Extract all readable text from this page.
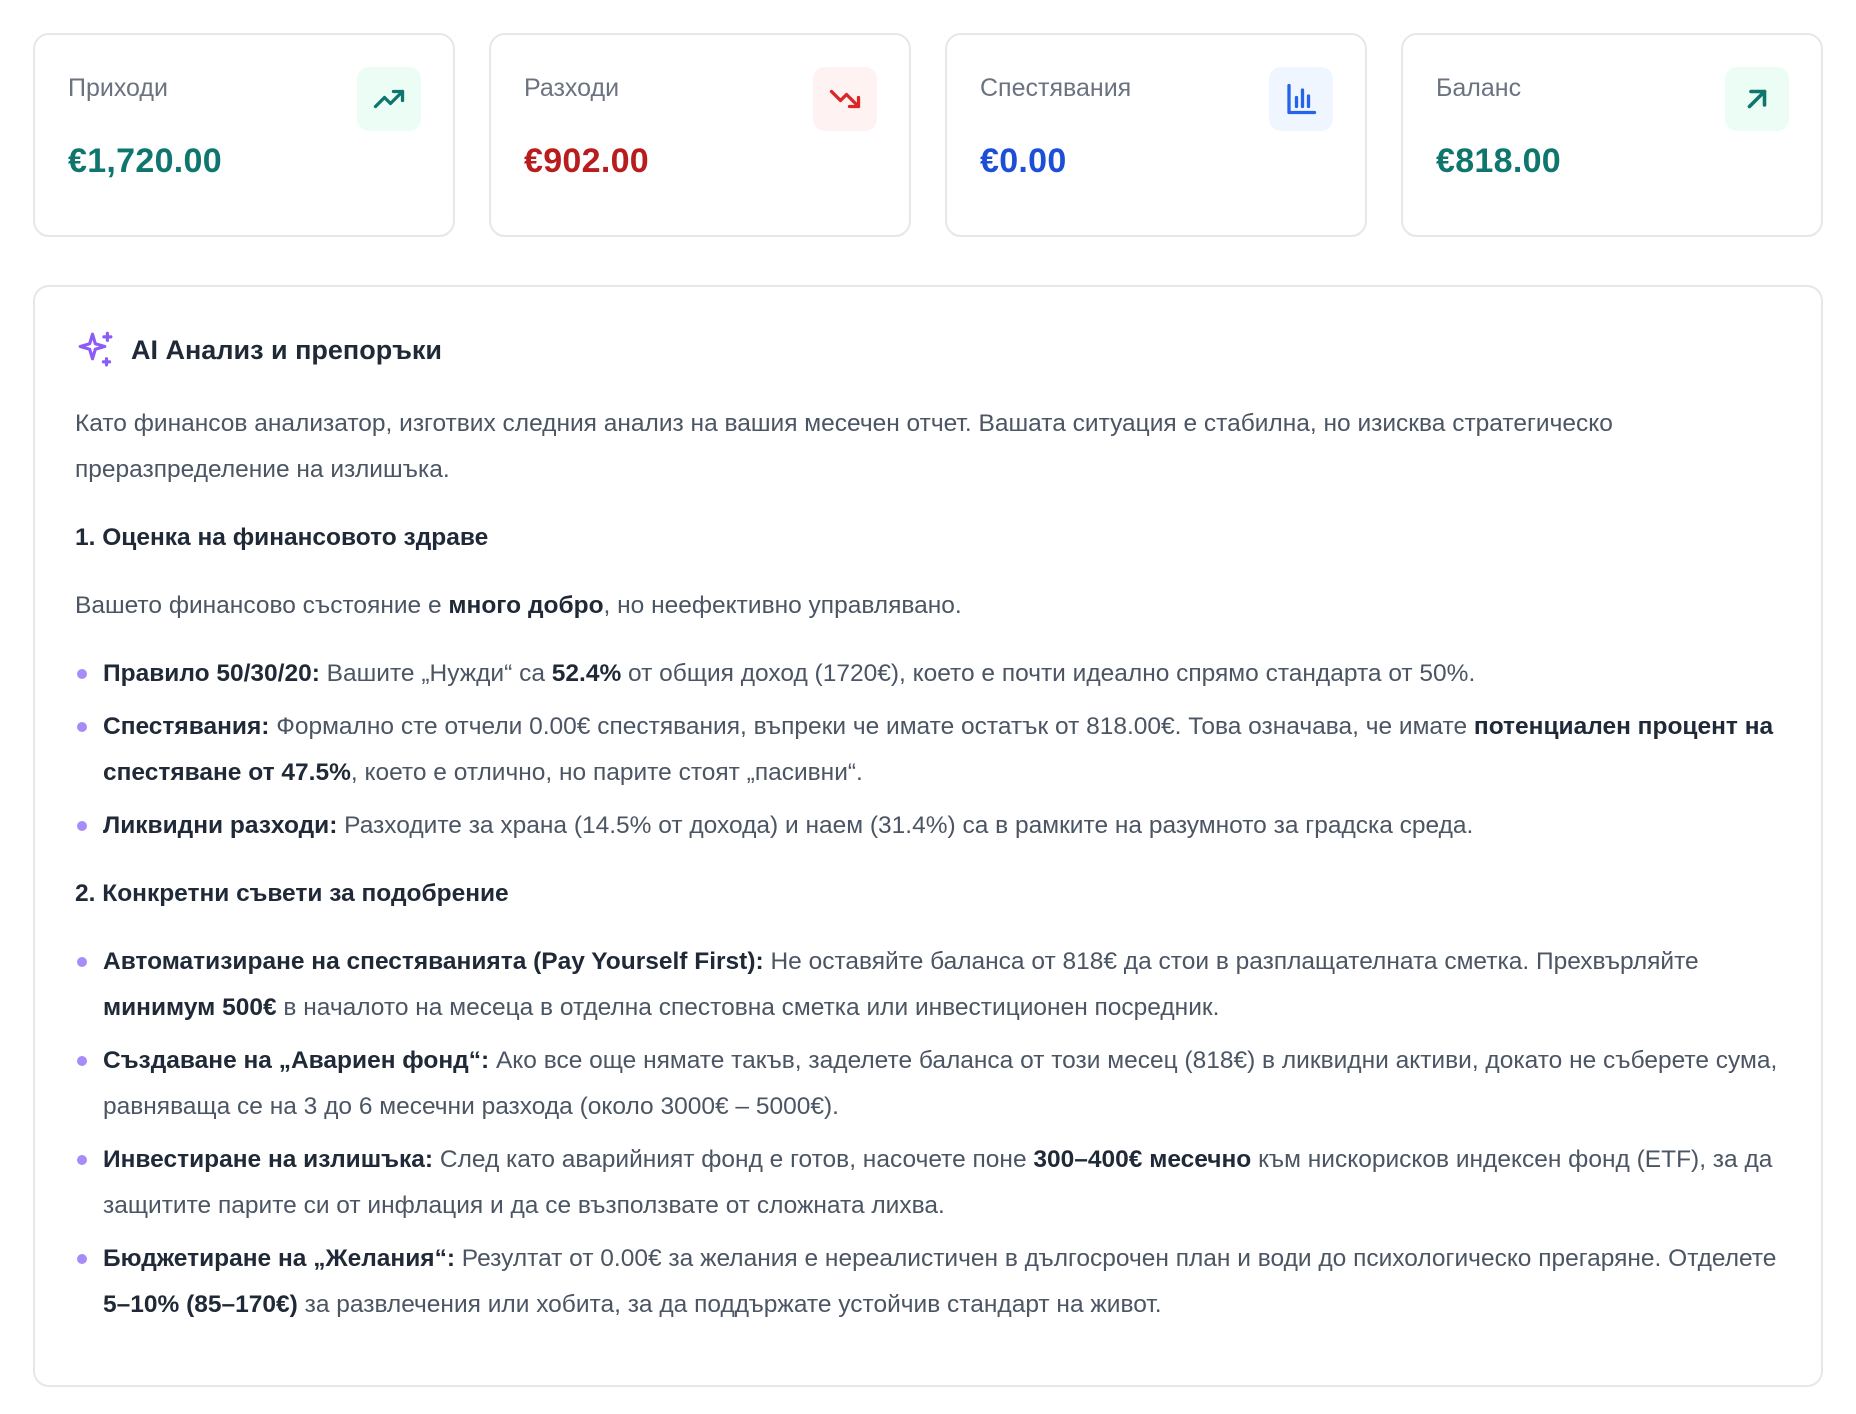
Приходи
€1,720.00
Разходи
€902.00
Спестявания
€0.00
Баланс
€818.00
AI Анализ и препоръки

Като финансов анализатор, изготвих следния анализ на вашия месечен отчет. Вашата ситуация е стабилна, но изисква стратегическо преразпределение на излишъка.

1. Оценка на финансовото здраве

Вашето финансово състояние е много добро, но неефективно управлявано.

Правило 50/30/20: Вашите „Нужди“ са 52.4% от общия доход (1720€), което е почти идеално спрямо стандарта от 50%.
Спестявания: Формално сте отчели 0.00€ спестявания, въпреки че имате остатък от 818.00€. Това означава, че имате потенциален процент на спестяване от 47.5%, което е отлично, но парите стоят „пасивни“.
Ликвидни разходи: Разходите за храна (14.5% от дохода) и наем (31.4%) са в рамките на разумното за градска среда.
2. Конкретни съвети за подобрение
Автоматизиране на спестяванията (Pay Yourself First): Не оставяйте баланса от 818€ да стои в разплащателната сметка. Прехвърляйте минимум 500€ в началото на месеца в отделна спестовна сметка или инвестиционен посредник.
Създаване на „Авариен фонд“: Ако все още нямате такъв, заделете баланса от този месец (818€) в ликвидни активи, докато не съберете сума, равняваща се на 3 до 6 месечни разхода (около 3000€ – 5000€).
Инвестиране на излишъка: След като аварийният фонд е готов, насочете поне 300–400€ месечно към нискорисков индексен фонд (ETF), за да защитите парите си от инфлация и да се възползвате от сложната лихва.
Бюджетиране на „Желания“: Резултат от 0.00€ за желания е нереалистичен в дългосрочен план и води до психологическо прегаряне. Отделете 5–10% (85–170€) за развлечения или хобита, за да поддържате устойчив стандарт на живот.
